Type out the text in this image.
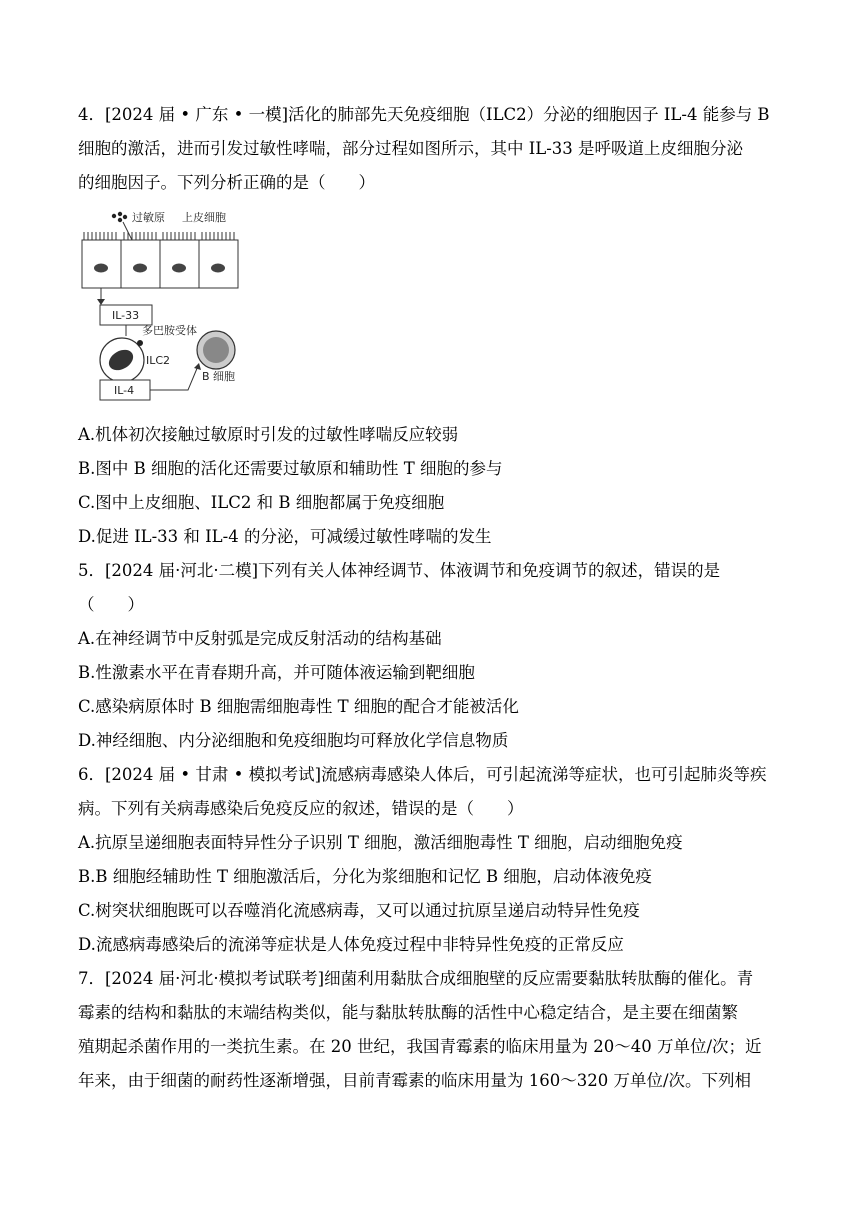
4．[2024 届 • 广东 • 一模]活化的肺部先天免疫细胞（ILC2）分泌的细胞因子 IL-4 能参与 B
细胞的激活，进而引发过敏性哮喘，部分过程如图所示，其中 IL-33 是呼吸道上皮细胞分泌
的细胞因子。下列分析正确的是（　　）
过敏原 上皮细胞
IL-33
多巴胺受体
ILC2
B 细胞
IL-4
A.机体初次接触过敏原时引发的过敏性哮喘反应较弱
B.图中 B 细胞的活化还需要过敏原和辅助性 T 细胞的参与
C.图中上皮细胞、ILC2 和 B 细胞都属于免疫细胞
D.促进 IL-33 和 IL-4 的分泌，可减缓过敏性哮喘的发生
5．[2024 届·河北·二模]下列有关人体神经调节、体液调节和免疫调节的叙述，错误的是
（　　）
A.在神经调节中反射弧是完成反射活动的结构基础
B.性激素水平在青春期升高，并可随体液运输到靶细胞
C.感染病原体时 B 细胞需细胞毒性 T 细胞的配合才能被活化
D.神经细胞、内分泌细胞和免疫细胞均可释放化学信息物质
6．[2024 届 • 甘肃 • 模拟考试]流感病毒感染人体后，可引起流涕等症状，也可引起肺炎等疾
病。下列有关病毒感染后免疫反应的叙述，错误的是（　　）
A.抗原呈递细胞表面特异性分子识别 T 细胞，激活细胞毒性 T 细胞，启动细胞免疫
B.B 细胞经辅助性 T 细胞激活后，分化为浆细胞和记忆 B 细胞，启动体液免疫
C.树突状细胞既可以吞噬消化流感病毒，又可以通过抗原呈递启动特异性免疫
D.流感病毒感染后的流涕等症状是人体免疫过程中非特异性免疫的正常反应
7．[2024 届·河北·模拟考试联考]细菌利用黏肽合成细胞壁的反应需要黏肽转肽酶的催化。青
霉素的结构和黏肽的末端结构类似，能与黏肽转肽酶的活性中心稳定结合，是主要在细菌繁
殖期起杀菌作用的一类抗生素。在 20 世纪，我国青霉素的临床用量为 20～40 万单位/次；近
年来，由于细菌的耐药性逐渐增强，目前青霉素的临床用量为 160～320 万单位/次。下列相
